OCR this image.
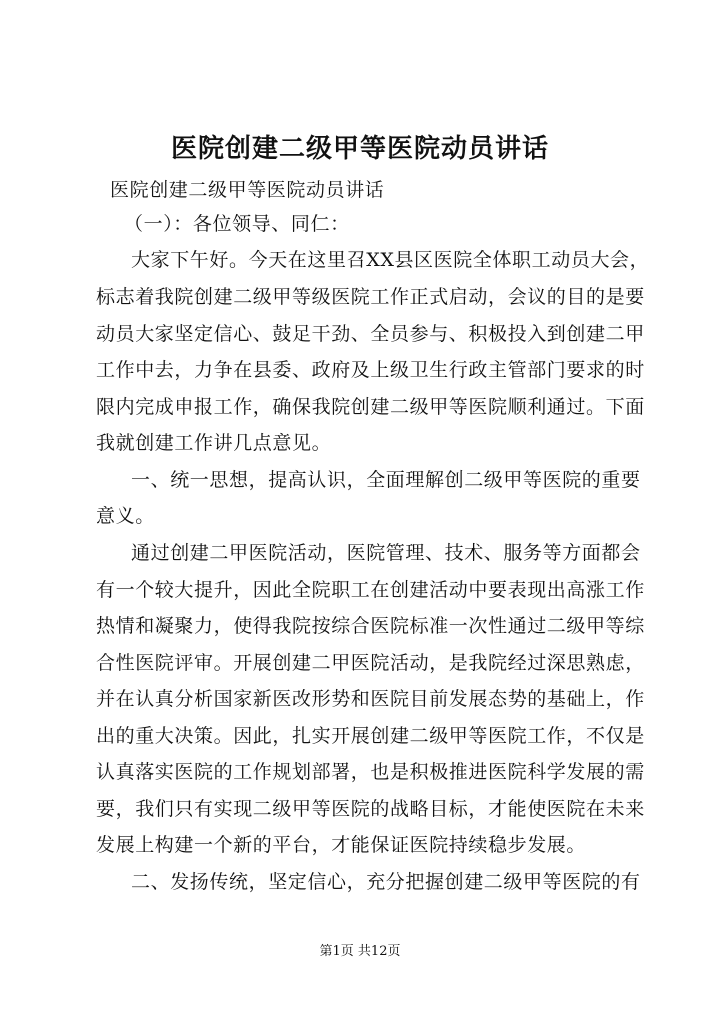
医院创建二级甲等医院动员讲话
医院创建二级甲等医院动员讲话
（一）：各位领导、同仁：
大家下午好。今天在这里召XX县区医院全体职工动员大会，
标志着我院创建二级甲等级医院工作正式启动，会议的目的是要
动员大家坚定信心、鼓足干劲、全员参与、积极投入到创建二甲
工作中去，力争在县委、政府及上级卫生行政主管部门要求的时
限内完成申报工作，确保我院创建二级甲等医院顺利通过。下面
我就创建工作讲几点意见。
一、统一思想，提高认识，全面理解创二级甲等医院的重要
意义。
通过创建二甲医院活动，医院管理、技术、服务等方面都会
有一个较大提升，因此全院职工在创建活动中要表现出高涨工作
热情和凝聚力，使得我院按综合医院标准一次性通过二级甲等综
合性医院评审。开展创建二甲医院活动，是我院经过深思熟虑，
并在认真分析国家新医改形势和医院目前发展态势的基础上，作
出的重大决策。因此，扎实开展创建二级甲等医院工作，不仅是
认真落实医院的工作规划部署，也是积极推进医院科学发展的需
要，我们只有实现二级甲等医院的战略目标，才能使医院在未来
发展上构建一个新的平台，才能保证医院持续稳步发展。
二、发扬传统，坚定信心，充分把握创建二级甲等医院的有
第1页 共12页
